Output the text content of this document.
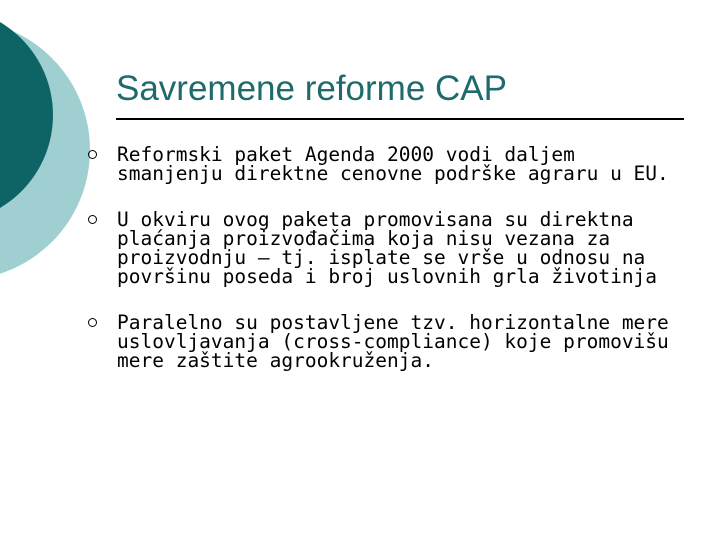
Savremene reforme CAP
Reformski paket Agenda 2000 vodi daljem smanjenju direktne cenovne podrške agraru u EU.
U okviru ovog paketa promovisana su direktna plaćanja proizvođačima koja nisu vezana za proizvodnju – tj. isplate se vrše u odnosu na površinu poseda i broj uslovnih grla životinja
Paralelno su postavljene tzv. horizontalne mere uslovljavanja (cross-compliance) koje promovišu mere zaštite agrookruženja.
